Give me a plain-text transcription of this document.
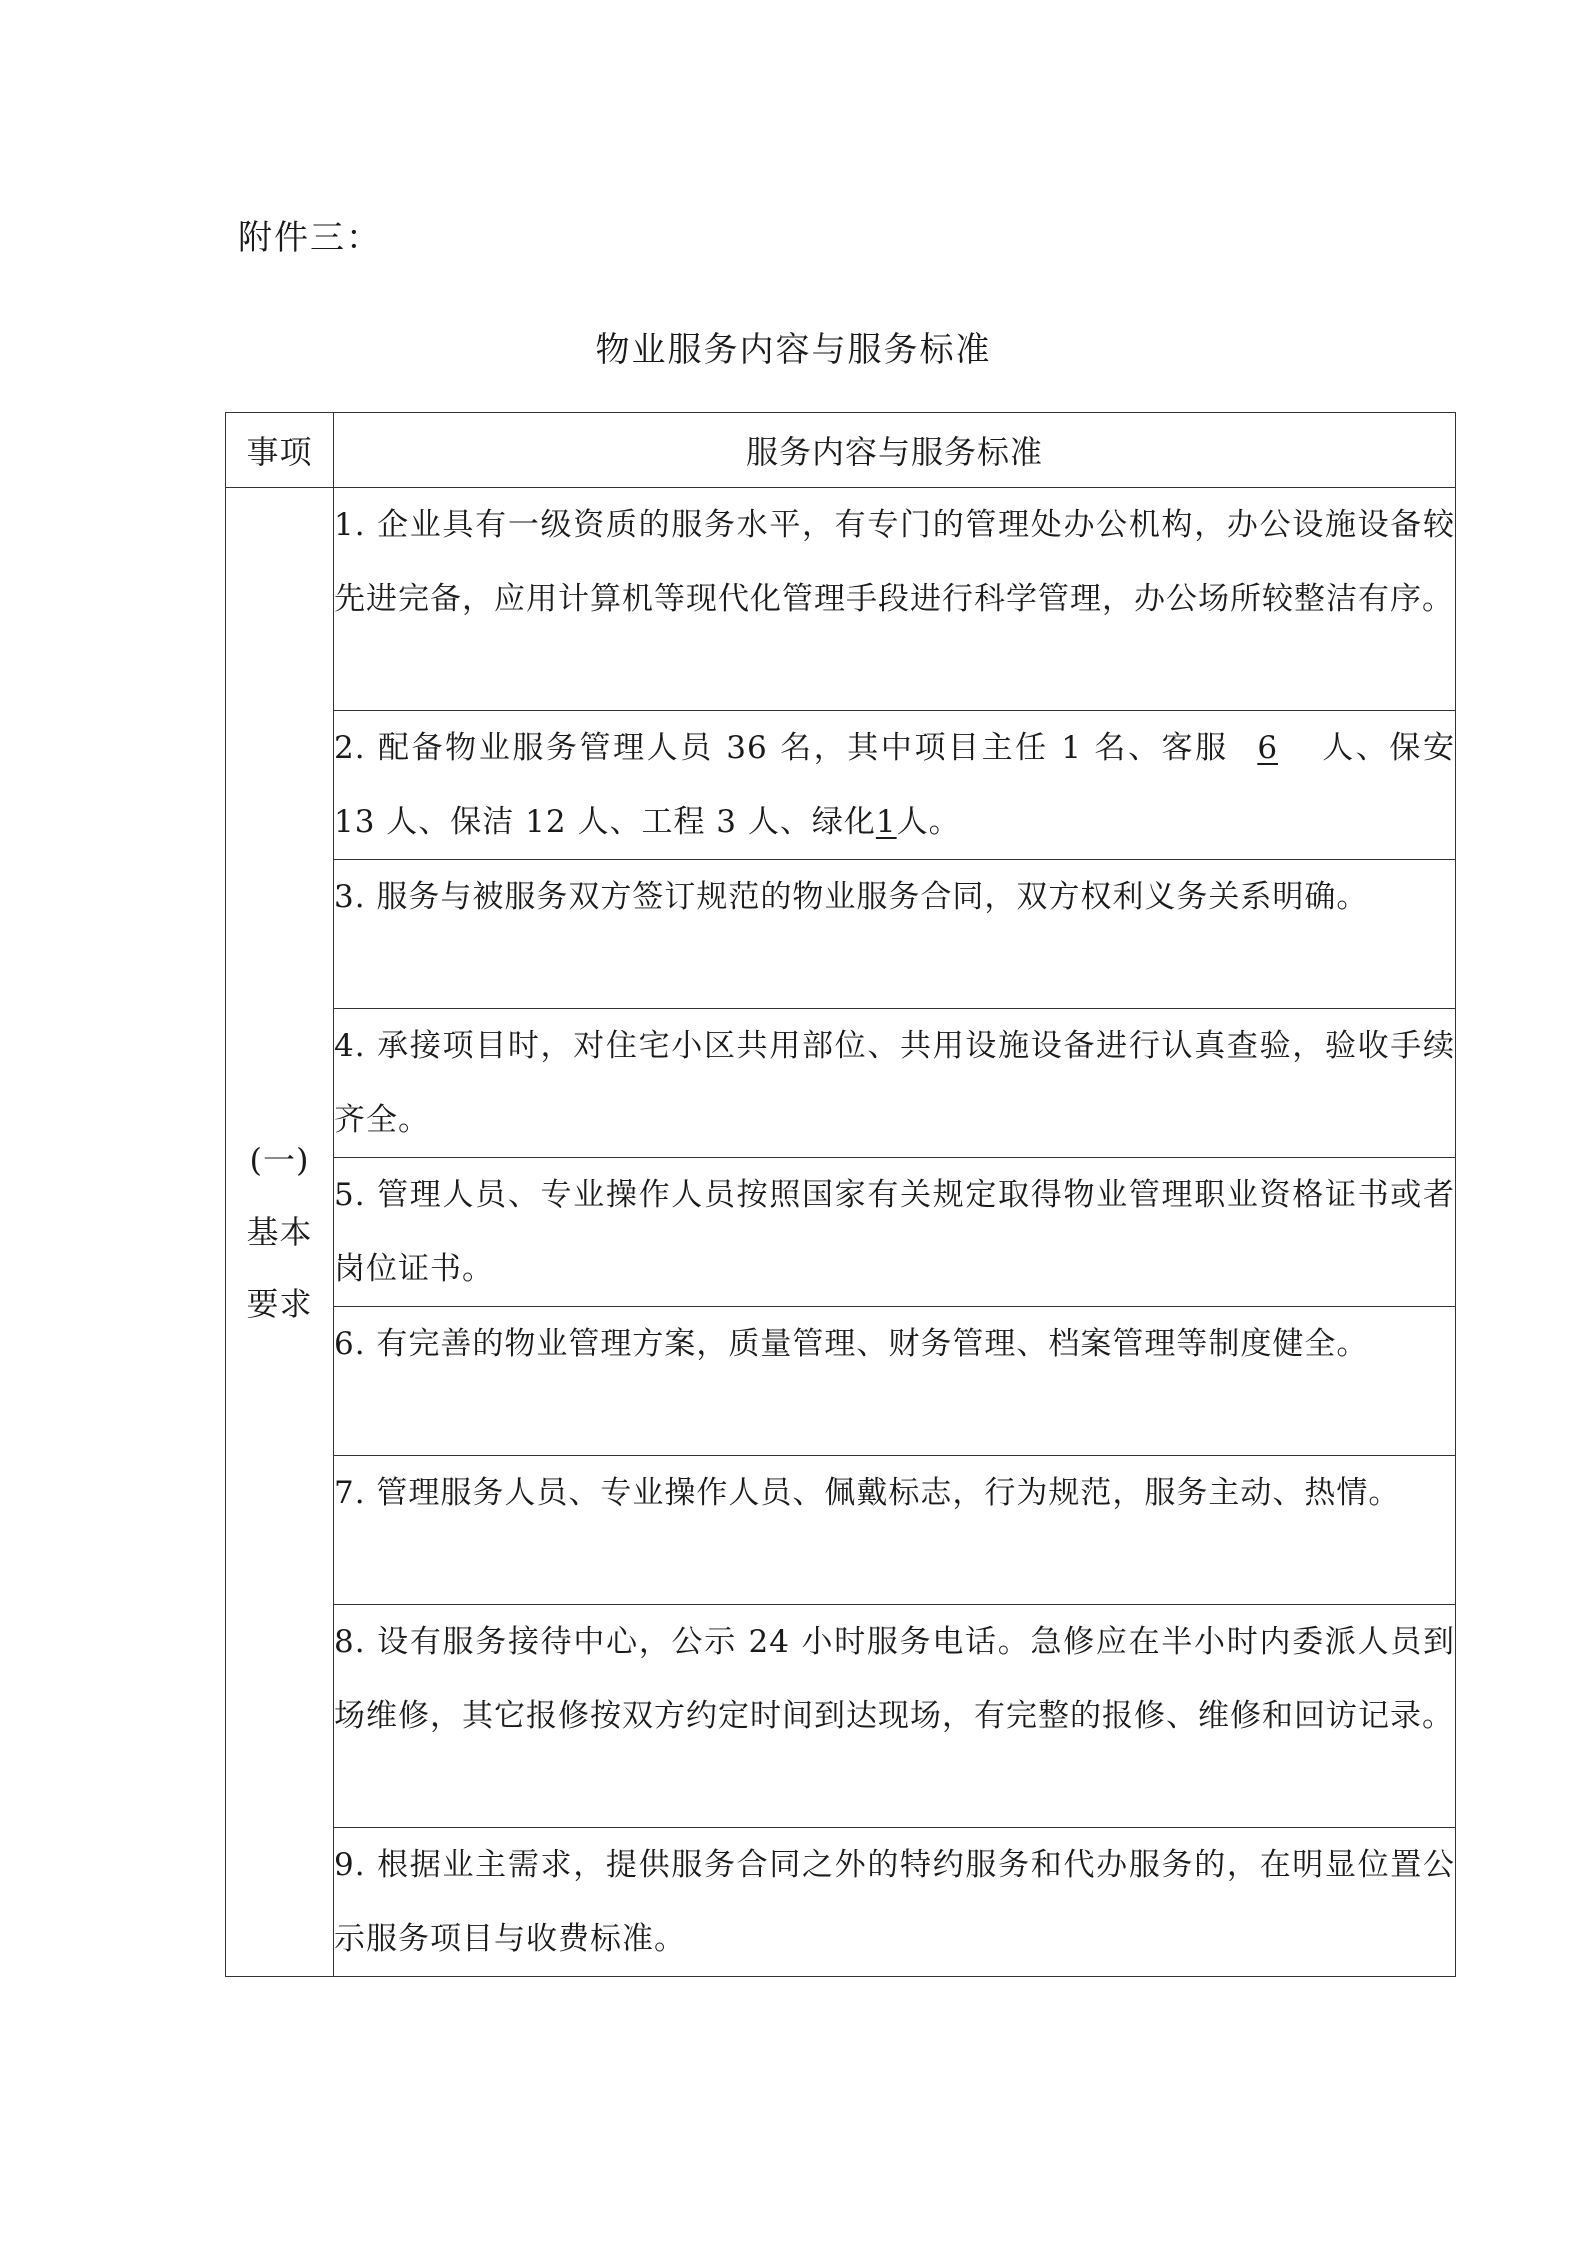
附件三：
物业服务内容与服务标准
事项	服务内容与服务标准

(一)
基本
要求	1. 企业具有一级资质的服务水平，有专门的管理处办公机构，办公设施设备较先进完备，应用计算机等现代化管理手段进行科学管理，办公场所较整洁有序。
	2. 配备物业服务管理人员 36 名，其中项目主任 1 名、客服 6 人、保安 13 人、保洁 12 人、工程 3 人、绿化1人。
	3. 服务与被服务双方签订规范的物业服务合同，双方权利义务关系明确。
	4. 承接项目时，对住宅小区共用部位、共用设施设备进行认真查验，验收手续齐全。
	5. 管理人员、专业操作人员按照国家有关规定取得物业管理职业资格证书或者岗位证书。
	6. 有完善的物业管理方案，质量管理、财务管理、档案管理等制度健全。
	7. 管理服务人员、专业操作人员、佩戴标志，行为规范，服务主动、热情。
	8. 设有服务接待中心，公示 24 小时服务电话。急修应在半小时内委派人员到场维修，其它报修按双方约定时间到达现场，有完整的报修、维修和回访记录。
	9. 根据业主需求，提供服务合同之外的特约服务和代办服务的，在明显位置公示服务项目与收费标准。
